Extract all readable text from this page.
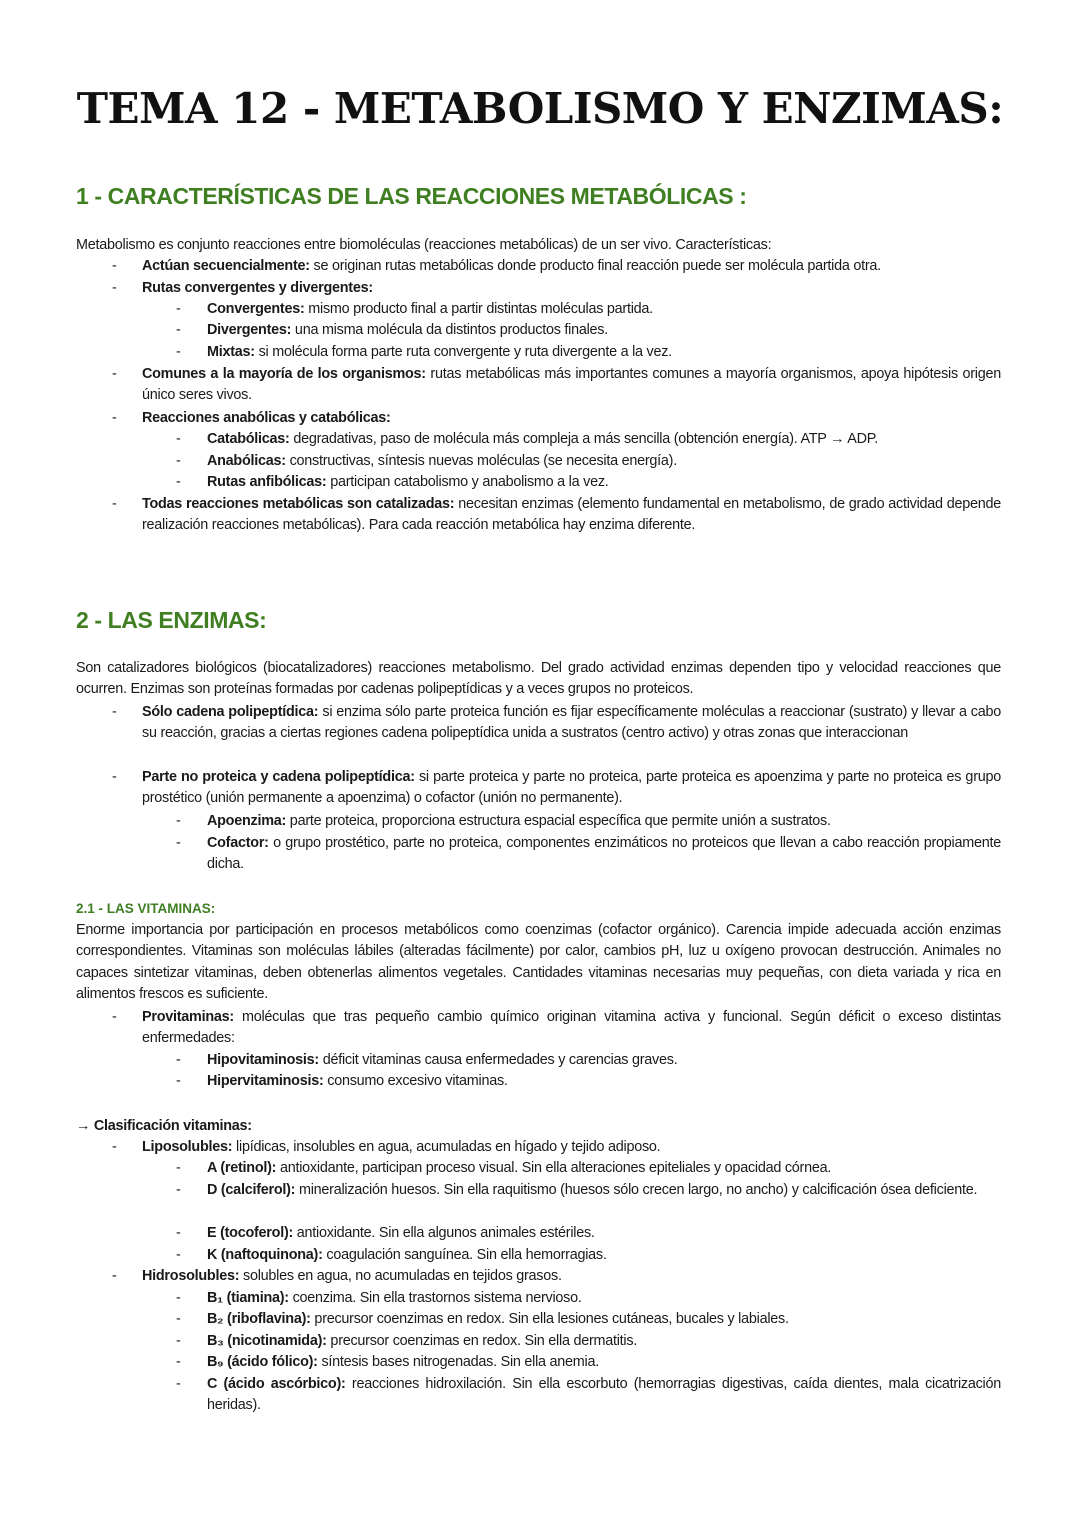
TEMA 12 - METABOLISMO Y ENZIMAS:
1 - CARACTERÍSTICAS DE LAS REACCIONES METABÓLICAS :
Metabolismo es conjunto reacciones entre biomoléculas (reacciones metabólicas) de un ser vivo. Características:
- Actúan secuencialmente: se originan rutas metabólicas donde producto final reacción puede ser molécula partida otra.
- Rutas convergentes y divergentes:
- Convergentes: mismo producto final a partir distintas moléculas partida.
- Divergentes: una misma molécula da distintos productos finales.
- Mixtas: si molécula forma parte ruta convergente y ruta divergente a la vez.
- Comunes a la mayoría de los organismos: rutas metabólicas más importantes comunes a mayoría organismos, apoya hipótesis origen único seres vivos.
- Reacciones anabólicas y catabólicas:
- Catabólicas: degradativas, paso de molécula más compleja a más sencilla (obtención energía). ATP → ADP.
- Anabólicas: constructivas, síntesis nuevas moléculas (se necesita energía).
- Rutas anfibólicas: participan catabolismo y anabolismo a la vez.
- Todas reacciones metabólicas son catalizadas: necesitan enzimas (elemento fundamental en metabolismo, de grado actividad depende realización reacciones metabólicas). Para cada reacción metabólica hay enzima diferente.
2 - LAS ENZIMAS:
Son catalizadores biológicos (biocatalizadores) reacciones metabolismo. Del grado actividad enzimas dependen tipo y velocidad reacciones que ocurren. Enzimas son proteínas formadas por cadenas polipeptídicas y a veces grupos no proteicos.
- Sólo cadena polipeptídica: si enzima sólo parte proteica función es fijar específicamente moléculas a reaccionar (sustrato) y llevar a cabo su reacción, gracias a ciertas regiones cadena polipeptídica unida a sustratos (centro activo) y otras zonas que interaccionan
- Parte no proteica y cadena polipeptídica: si parte proteica y parte no proteica, parte proteica es apoenzima y parte no proteica es grupo prostético (unión permanente a apoenzima) o cofactor (unión no permanente).
- Apoenzima: parte proteica, proporciona estructura espacial específica que permite unión a sustratos.
- Cofactor: o grupo prostético, parte no proteica, componentes enzimáticos no proteicos que llevan a cabo reacción propiamente dicha.
2.1 - LAS VITAMINAS:
Enorme importancia por participación en procesos metabólicos como coenzimas (cofactor orgánico). Carencia impide adecuada acción enzimas correspondientes. Vitaminas son moléculas lábiles (alteradas fácilmente) por calor, cambios pH, luz u oxígeno provocan destrucción. Animales no capaces sintetizar vitaminas, deben obtenerlas alimentos vegetales. Cantidades vitaminas necesarias muy pequeñas, con dieta variada y rica en alimentos frescos es suficiente.
- Provitaminas: moléculas que tras pequeño cambio químico originan vitamina activa y funcional. Según déficit o exceso distintas enfermedades:
- Hipovitaminosis: déficit vitaminas causa enfermedades y carencias graves.
- Hipervitaminosis: consumo excesivo vitaminas.
→ Clasificación vitaminas:
- Liposolubles: lipídicas, insolubles en agua, acumuladas en hígado y tejido adiposo.
- A (retinol): antioxidante, participan proceso visual. Sin ella alteraciones epiteliales y opacidad córnea.
- D (calciferol): mineralización huesos. Sin ella raquitismo (huesos sólo crecen largo, no ancho) y calcificación ósea deficiente.
- E (tocoferol): antioxidante. Sin ella algunos animales estériles.
- K (naftoquinona): coagulación sanguínea. Sin ella hemorragias.
- Hidrosolubles: solubles en agua, no acumuladas en tejidos grasos.
- B₁ (tiamina): coenzima. Sin ella trastornos sistema nervioso.
- B₂ (riboflavina): precursor coenzimas en redox. Sin ella lesiones cutáneas, bucales y labiales.
- B₃ (nicotinamida): precursor coenzimas en redox. Sin ella dermatitis.
- B₉ (ácido fólico): síntesis bases nitrogenadas. Sin ella anemia.
- C (ácido ascórbico): reacciones hidroxilación. Sin ella escorbuto (hemorragias digestivas, caída dientes, mala cicatrización heridas).
